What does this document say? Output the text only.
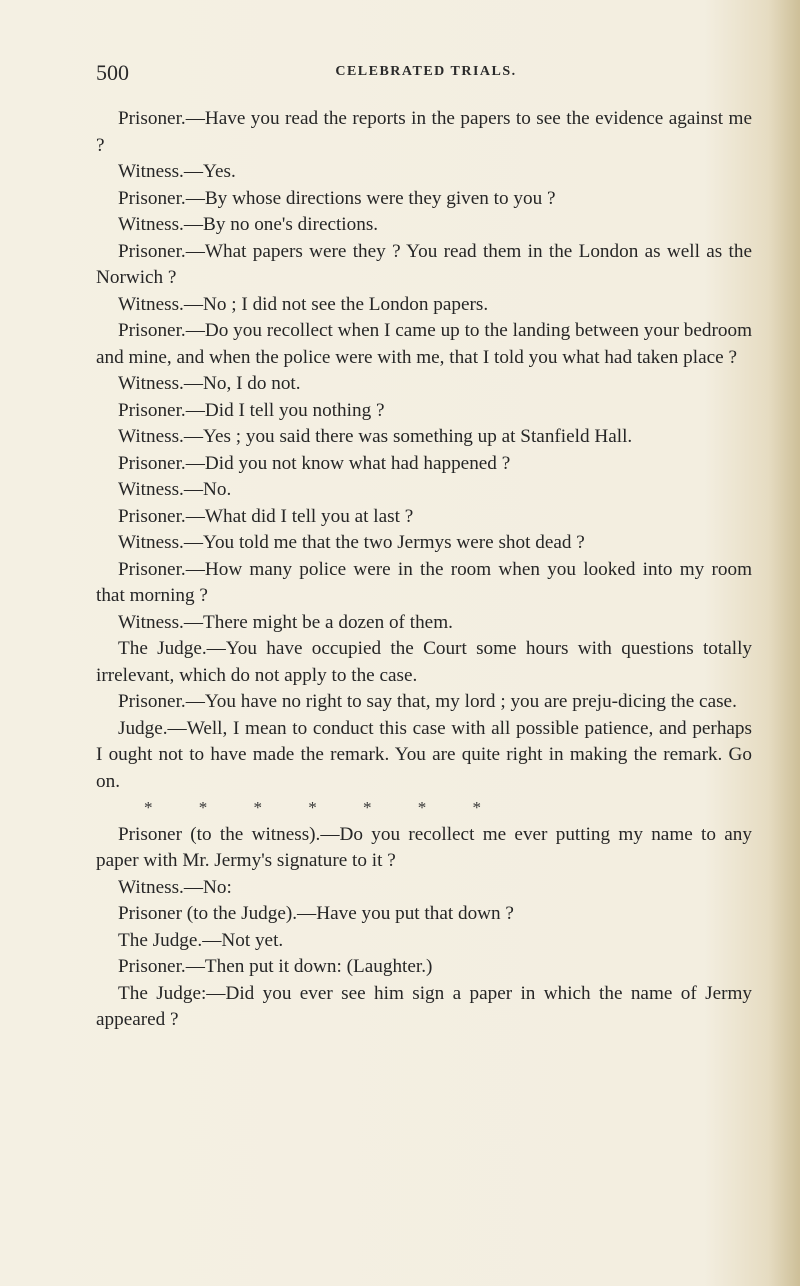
500	CELEBRATED TRIALS.

Prisoner.—Have you read the reports in the papers to see the evidence against me ?

Witness.—Yes.

Prisoner.—By whose directions were they given to you ?

Witness.—By no one's directions.

Prisoner.—What papers were they ? You read them in the London as well as the Norwich ?

Witness.—No ; I did not see the London papers.

Prisoner.—Do you recollect when I came up to the landing between your bedroom and mine, and when the police were with me, that I told you what had taken place ?

Witness.—No, I do not.

Prisoner.—Did I tell you nothing ?

Witness.—Yes ; you said there was something up at Stanfield Hall.

Prisoner.—Did you not know what had happened ?

Witness.—No.

Prisoner.—What did I tell you at last ?

Witness.—You told me that the two Jermys were shot dead ?

Prisoner.—How many police were in the room when you looked into my room that morning ?

Witness.—There might be a dozen of them.

The Judge.—You have occupied the Court some hours with questions totally irrelevant, which do not apply to the case.

Prisoner.—You have no right to say that, my lord ; you are preju-dicing the case.

Judge.—Well, I mean to conduct this case with all possible patience, and perhaps I ought not to have made the remark. You are quite right in making the remark. Go on.

* * * * * * *

Prisoner (to the witness).—Do you recollect me ever putting my name to any paper with Mr. Jermy's signature to it ?

Witness.—No:

Prisoner (to the Judge).—Have you put that down ?

The Judge.—Not yet.

Prisoner.—Then put it down: (Laughter.)

The Judge:—Did you ever see him sign a paper in which the name of Jermy appeared ?
